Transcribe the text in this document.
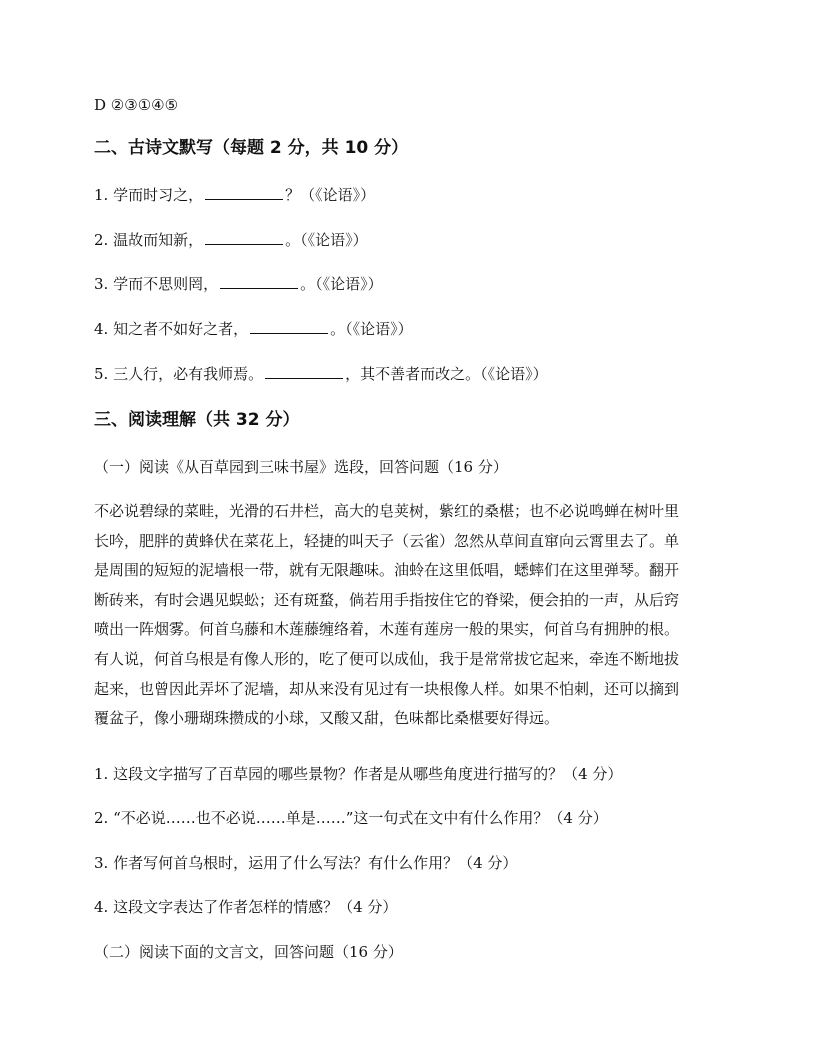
D ②③①④⑤
二、古诗文默写（每题 2 分，共 10 分）
1. 学而时习之，	？（《论语》）
2. 温故而知新，	。（《论语》）
3. 学而不思则罔，	。（《论语》）
4. 知之者不如好之者，	。（《论语》）
5. 三人行，必有我师焉。	，其不善者而改之。（《论语》）
三、阅读理解（共 32 分）
（一）阅读《从百草园到三味书屋》选段，回答问题（16 分）
不必说碧绿的菜畦，光滑的石井栏，高大的皂荚树，紫红的桑椹；也不必说鸣蝉在树叶里
长吟，肥胖的黄蜂伏在菜花上，轻捷的叫天子（云雀）忽然从草间直窜向云霄里去了。单
是周围的短短的泥墙根一带，就有无限趣味。油蛉在这里低唱，蟋蟀们在这里弹琴。翻开
断砖来，有时会遇见蜈蚣；还有斑蝥，倘若用手指按住它的脊梁，便会拍的一声，从后窍
喷出一阵烟雾。何首乌藤和木莲藤缠络着，木莲有莲房一般的果实，何首乌有拥肿的根。
有人说，何首乌根是有像人形的，吃了便可以成仙，我于是常常拔它起来，牵连不断地拔
起来，也曾因此弄坏了泥墙，却从来没有见过有一块根像人样。如果不怕刺，还可以摘到
覆盆子，像小珊瑚珠攒成的小球，又酸又甜，色味都比桑椹要好得远。
1. 这段文字描写了百草园的哪些景物？作者是从哪些角度进行描写的？（4 分）
2. “不必说……也不必说……单是……”这一句式在文中有什么作用？（4 分）
3. 作者写何首乌根时，运用了什么写法？有什么作用？（4 分）
4. 这段文字表达了作者怎样的情感？（4 分）
（二）阅读下面的文言文，回答问题（16 分）
